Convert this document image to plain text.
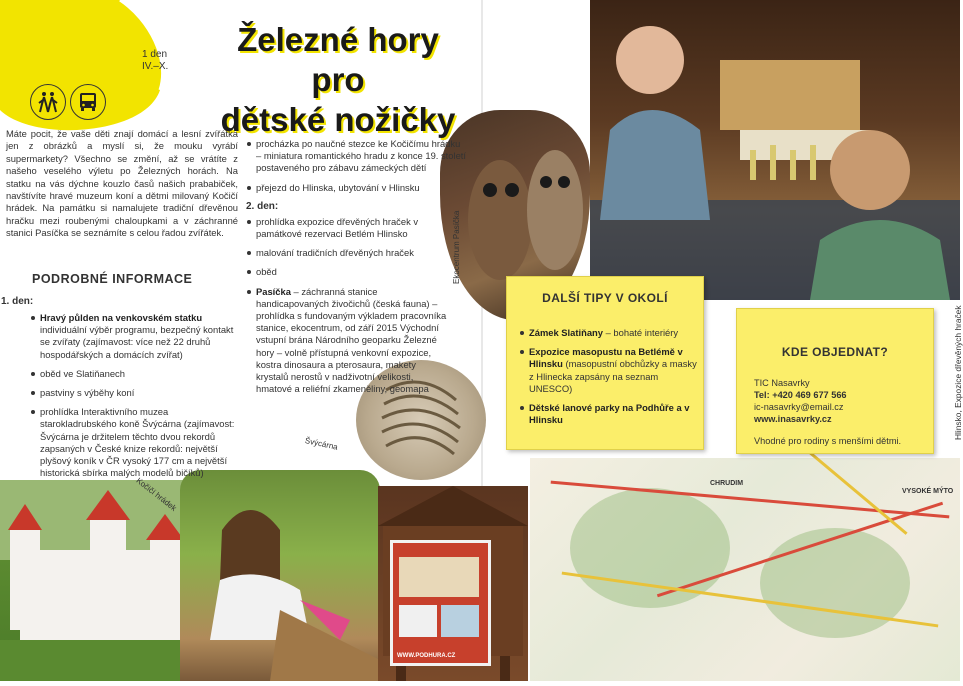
1 den
IV.–X.
Železné hory pro
dětské nožičky
WWW.PODHURA.CZ
CHRUDIM
VYSOKÉ MÝTO
Máte pocit, že vaše děti znají domácí a lesní zvířátka jen z obrázků a myslí si, že mouku vyrábí supermarkety? Všechno se změní, až se vrátíte z našeho veselého výletu po Železných horách. Na statku na vás dýchne kouzlo časů našich prababiček, navštívíte hravé muzeum koní a dětmi milovaný Kočičí hrádek. Na památku si namalujete tradiční dřevěnou hračku mezi roubenými chaloupkami a v záchranné stanici Pasíčka se seznámíte s celou řadou zvířátek.
PODROBNÉ INFORMACE
1. den:
Hravý půlden na venkovském statku
individuální výběr programu, bezpečný kontakt se zvířaty (zajímavost: více než 22 druhů hospodářských a domácích zvířat)
oběd ve Slatiňanech
pastviny s výběhy koní
prohlídka Interaktivního muzea starokladrubského koně Švýcárna (zajímavost: Švýcárna je držitelem těchto dvou rekordů zapsaných v České knize rekordů: největší plyšový koník v ČR vysoký 177 cm a největší historická sbírka malých modelů bičíků)
procházka po naučné stezce ke Kočičímu hrádku – miniatura romantického hradu z konce 19. století postaveného pro zábavu zámeckých dětí
přejezd do Hlinska, ubytování v Hlinsku
2. den:
prohlídka expozice dřevěných hraček v památkové rezervaci Betlém Hlinsko
malování tradičních dřevěných hraček
oběd
Pasíčka – záchranná stanice handicapovaných živočichů (česká fauna) – prohlídka s fundovaným výkladem pracovníka stanice, ekocentrum, od září 2015 Východní vstupní brána Národního geoparku Železné hory – volně přístupná venkovní expozice, kostra dinosaura a pterosaura, makety krystalů nerostů v nadživotní velikosti, hmatové a reliéfní zkameněliny, geomapa
DALŠÍ TIPY V OKOLÍ
Zámek Slatiňany – bohaté interiéry
Expozice masopustu na Betlémě v Hlinsku (masopustní obchůzky a masky z Hlinecka zapsány na seznam UNESCO)
Dětské lanové parky na Podhůře a v Hlinsku
KDE OBJEDNAT?
TIC Nasavrky
Tel: +420 469 677 566
ic-nasavrky@email.cz
www.inasavrky.cz
Vhodné pro rodiny s menšími dětmi.
Kočičí hrádek
Švýcárna
Ekocentrum Pasíčka
Hlinsko, Expozice dřevěných hraček
